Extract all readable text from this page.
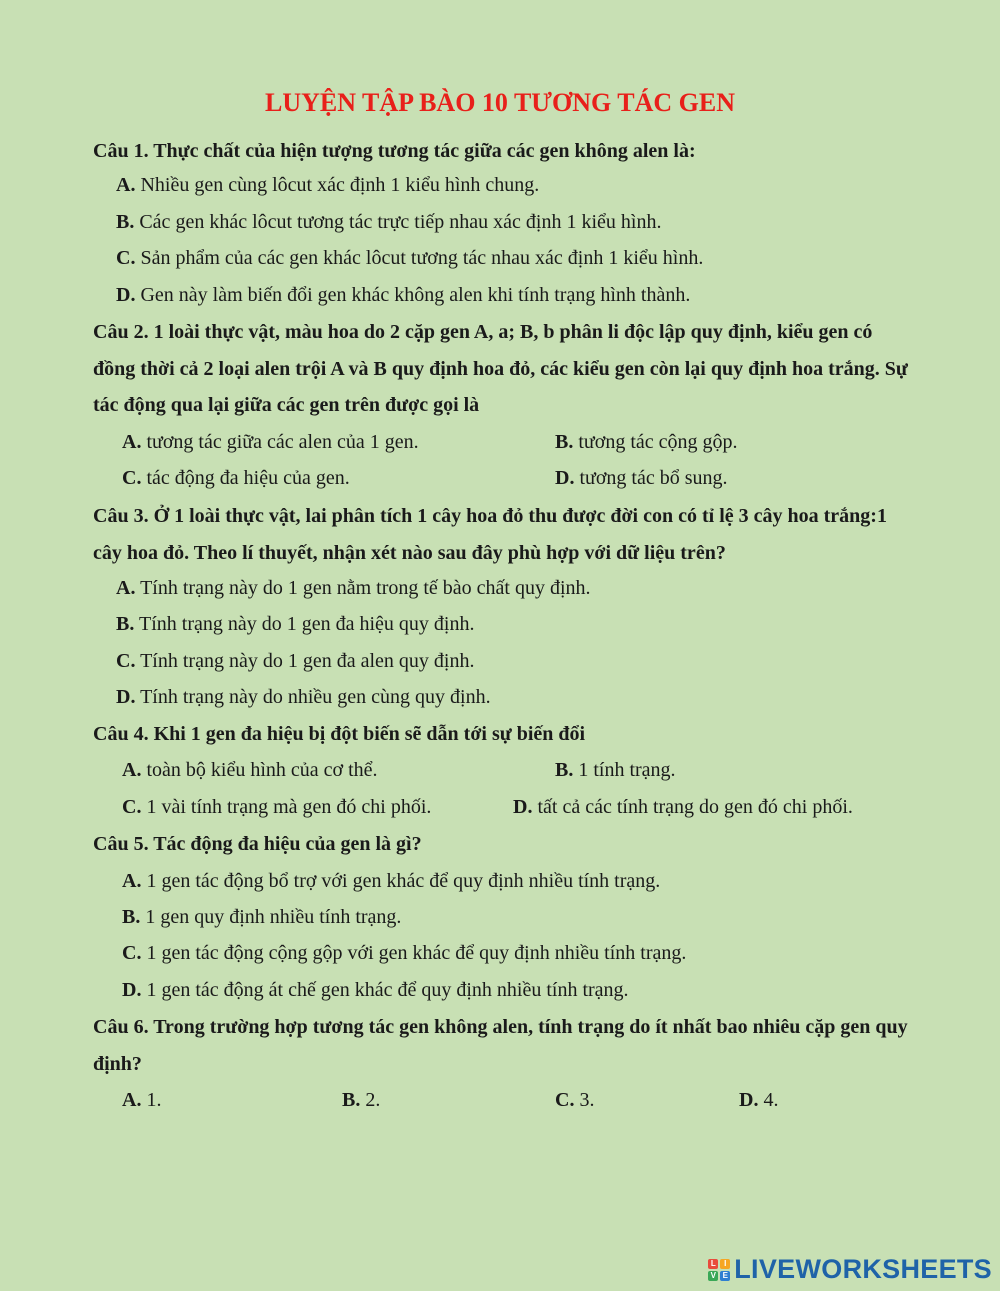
LUYỆN TẬP BÀO 10 TƯƠNG TÁC GEN
Câu 1. Thực chất của hiện tượng tương tác giữa các gen không alen là:
A. Nhiều gen cùng lôcut xác định 1 kiểu hình chung.
B. Các gen khác lôcut tương tác trực tiếp nhau xác định 1 kiểu hình.
C. Sản phẩm của các gen khác lôcut tương tác nhau xác định 1 kiểu hình.
D. Gen này làm biến đổi gen khác không alen khi tính trạng hình thành.
Câu 2. 1 loài thực vật, màu hoa do 2 cặp gen A, a; B, b phân li độc lập quy định, kiểu gen có đồng thời cả 2 loại alen trội A và B quy định hoa đỏ, các kiểu gen còn lại quy định hoa trắng. Sự tác động qua lại giữa các gen trên được gọi là
A. tương tác giữa các alen của 1 gen.	B. tương tác cộng gộp.
C. tác động đa hiệu của gen.	D. tương tác bổ sung.
Câu 3. Ở 1 loài thực vật, lai phân tích 1 cây hoa đỏ thu được đời con có tỉ lệ 3 cây hoa trắng:1 cây hoa đỏ. Theo lí thuyết, nhận xét nào sau đây phù hợp với dữ liệu trên?
A. Tính trạng này do 1 gen nằm trong tế bào chất quy định.
B. Tính trạng này do 1 gen đa hiệu quy định.
C. Tính trạng này do 1 gen đa alen quy định.
D. Tính trạng này do nhiều gen cùng quy định.
Câu 4. Khi 1 gen đa hiệu bị đột biến sẽ dẫn tới sự biến đổi
A. toàn bộ kiểu hình của cơ thể.	B. 1 tính trạng.
C. 1 vài tính trạng mà gen đó chi phối.	D. tất cả các tính trạng do gen đó chi phối.
Câu 5. Tác động đa hiệu của gen là gì?
A. 1 gen tác động bổ trợ với gen khác để quy định nhiều tính trạng.
B. 1 gen quy định nhiều tính trạng.
C. 1 gen tác động cộng gộp với gen khác để quy định nhiều tính trạng.
D. 1 gen tác động át chế gen khác để quy định nhiều tính trạng.
Câu 6. Trong trường hợp tương tác gen không alen, tính trạng do ít nhất bao nhiêu cặp gen quy định?
A. 1.	B. 2.	C. 3.	D. 4.
L	I
V E LIVEWORKSHEETS
